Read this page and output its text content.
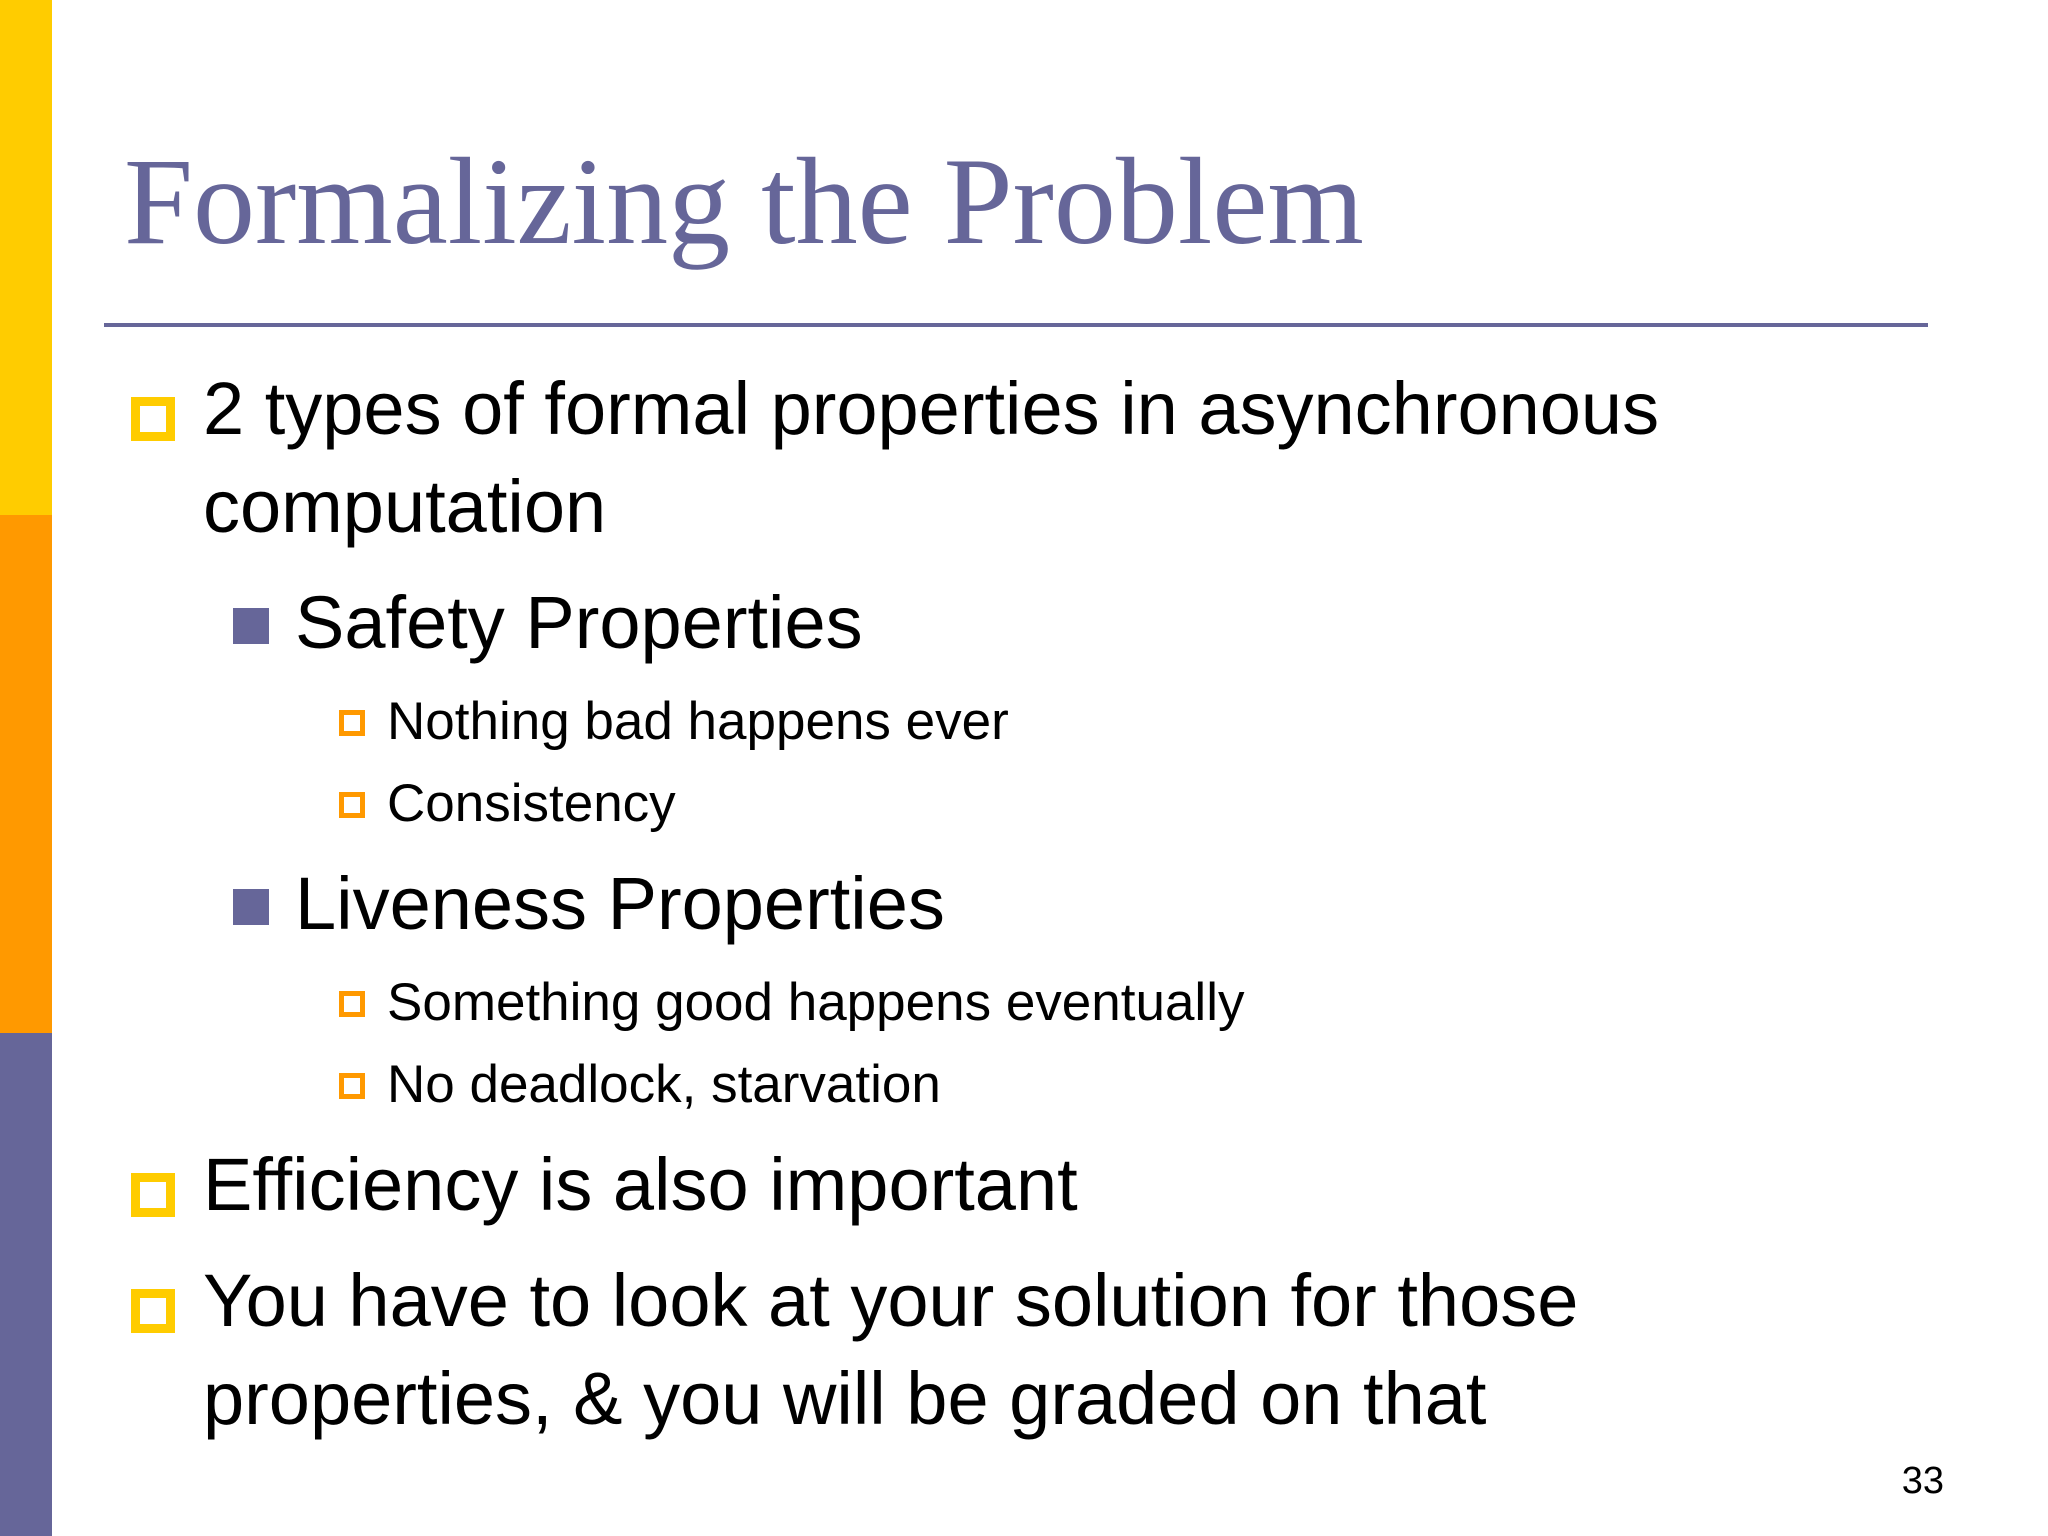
Formalizing the Problem
2 types of formal properties in asynchronous
computation
Safety Properties
Nothing bad happens ever
Consistency
Liveness Properties
Something good happens eventually
No deadlock, starvation
Efficiency is also important
You have to look at your solution for those
properties, & you will be graded on that
33
